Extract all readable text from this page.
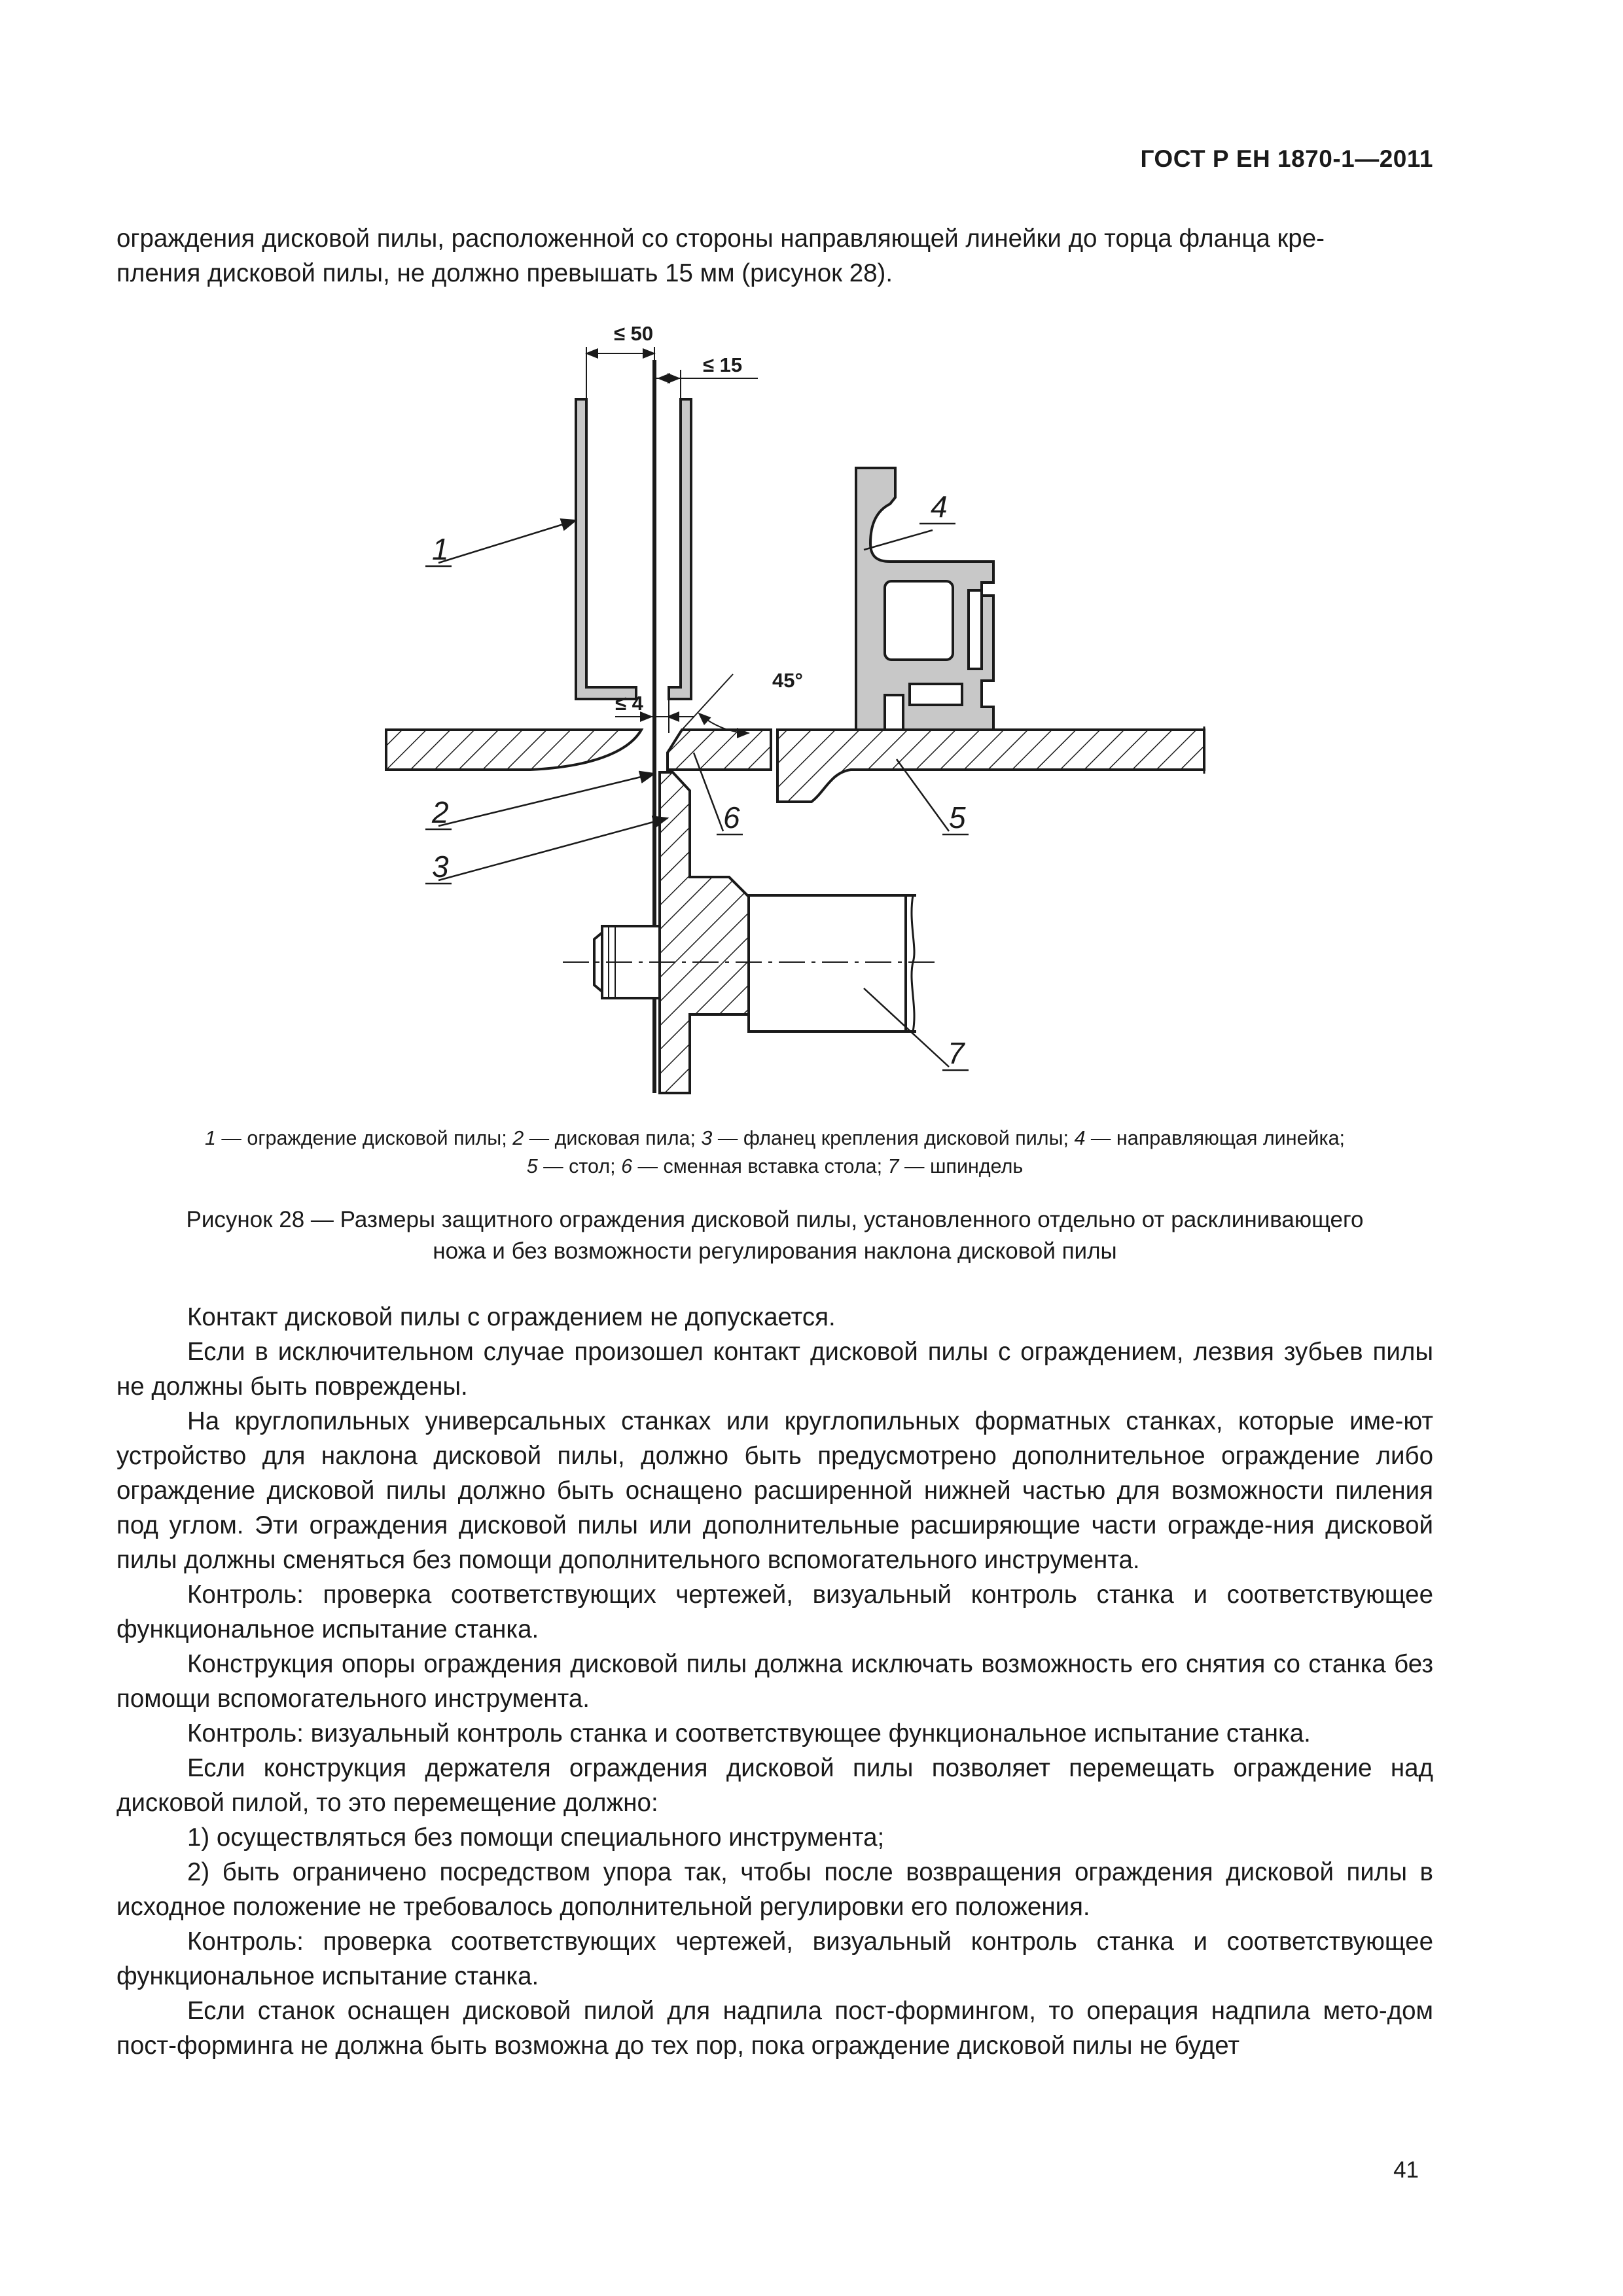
ГОСТ Р ЕН 1870-1—2011

ограждения дисковой пилы, расположенной со стороны направляющей линейки до торца фланца кре-

пления дисковой пилы, не должно превышать 15 мм (рисунок 28).

≤ 50
≤ 15
≤ 4
45°
1
2
3
4
5
6
7

1 — ограждение дисковой пилы; 2 — дисковая пила; 3 — фланец крепления дисковой пилы; 4 — направляющая линейка;

5 — стол; 6 — сменная вставка стола; 7 — шпиндель

Рисунок 28 — Размеры защитного ограждения дисковой пилы, установленного отдельно от расклинивающего

ножа и без возможности регулирования наклона дисковой пилы

Контакт дисковой пилы с ограждением не допускается.

Если в исключительном случае произошел контакт дисковой пилы с ограждением, лезвия зубьев пилы не должны быть повреждены.

На круглопильных универсальных станках или круглопильных форматных станках, которые име-ют устройство для наклона дисковой пилы, должно быть предусмотрено дополнительное ограждение либо ограждение дисковой пилы должно быть оснащено расширенной нижней частью для возможности пиления под углом. Эти ограждения дисковой пилы или дополнительные расширяющие части огражде-ния дисковой пилы должны сменяться без помощи дополнительного вспомогательного инструмента.

Контроль: проверка соответствующих чертежей, визуальный контроль станка и соответствующее функциональное испытание станка.

Конструкция опоры ограждения дисковой пилы должна исключать возможность его снятия со станка без помощи вспомогательного инструмента.

Контроль: визуальный контроль станка и соответствующее функциональное испытание станка.

Если конструкция держателя ограждения дисковой пилы позволяет перемещать ограждение над дисковой пилой, то это перемещение должно:

1) осуществляться без помощи специального инструмента;

2) быть ограничено посредством упора так, чтобы после возвращения ограждения дисковой пилы в исходное положение не требовалось дополнительной регулировки его положения.

Контроль: проверка соответствующих чертежей, визуальный контроль станка и соответствующее функциональное испытание станка.

Если станок оснащен дисковой пилой для надпила пост-формингом, то операция надпила мето-дом пост-форминга не должна быть возможна до тех пор, пока ограждение дисковой пилы не будет

41
